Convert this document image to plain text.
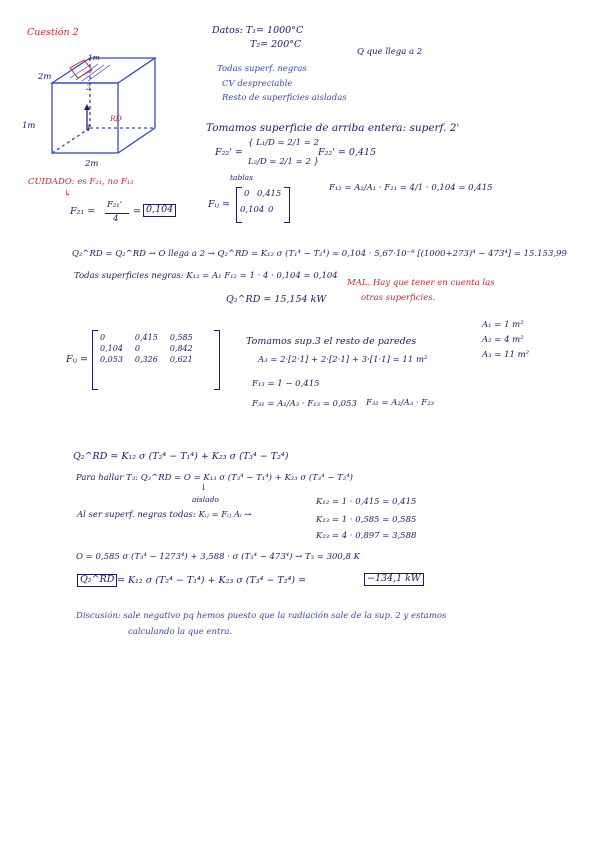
Cuestión 2	Datos: T₁= 1000°C
T₂= 200°C
Q que llega a 2
Todas superf. negras
CV despreciable
Resto de superficies aisladas
1m
2m
1m
2m
2
1
RD
CUIDADO: es F₂₁, no F₁₂
↳
F₂₁ =
F₂₁'
4
= 0,104
Tomamos superficie de arriba entera: superf. 2'
F₂₂' =
{ L₁/D = 2/1 = 2
L₂/D = 2/1 = 2 }
F₂₂' = 0,415
tablas
Fᵢⱼ =
0 0,415
0,104 0
F₁₂ = A₂/A₁ · F₂₁ = 4/1 · 0,104 = 0,415
Q₂^RD = Q₂^RD → O llega a 2 → Q₂^RD = K₁₂ σ (T₁⁴ − T₂⁴) = 0,104 · 5,67·10⁻⁸ [(1000+273)⁴ − 473⁴] = 15.153,99
Todas superficies negras: K₁₂ = A₁ F₁₂ = 1 · 4 · 0,104 = 0,104
Q₂^RD = 15,154 kW
MAL. Hay que tener en cuenta las
otras superficies.
Fᵢⱼ =
0	0,415	0,585
0,104	0	0,842
0,053	0,326	0,621
Tomamos sup.3 el resto de paredes
A₃ = 2·[2·1] + 2·[2·1] + 3·[1·1] = 11 m²
A₁ = 1 m²
A₂ = 4 m²
A₃ = 11 m²
F₁₃ = 1 − 0,415
F₃₁ = A₁/A₃ · F₁₃ = 0,053 F₃₂ = A₂/A₃ · F₂₃
Q₂^RD = K₁₂ σ (T₂⁴ − T₁⁴) + K₂₃ σ (T₃⁴ − T₂⁴)
Para hallar T₃: Q₃^RD = O = K₁₃ σ (T₃⁴ − T₁⁴) + K₂₃ σ (T₃⁴ − T₂⁴)
↓
aislado
Al ser superf. negras todas: Kᵢⱼ = Fᵢⱼ Aᵢ →
K₁₂ = 1 · 0,415 = 0,415
K₁₃ = 1 · 0,585 = 0,585
K₂₃ = 4 · 0,897 = 3,588
O = 0,585 σ (T₃⁴ − 1273⁴) + 3,588 · σ (T₃⁴ − 473⁴) → T₃ = 300,8 K
Q₂^RD = K₁₂ σ (T₂⁴ − T₁⁴) + K₂₃ σ (T₃⁴ − T₂⁴) =	−134,1 kW
Discusión: sale negativo pq hemos puesto que la radiación sale de la sup. 2 y estamos
calculando la que entra.
